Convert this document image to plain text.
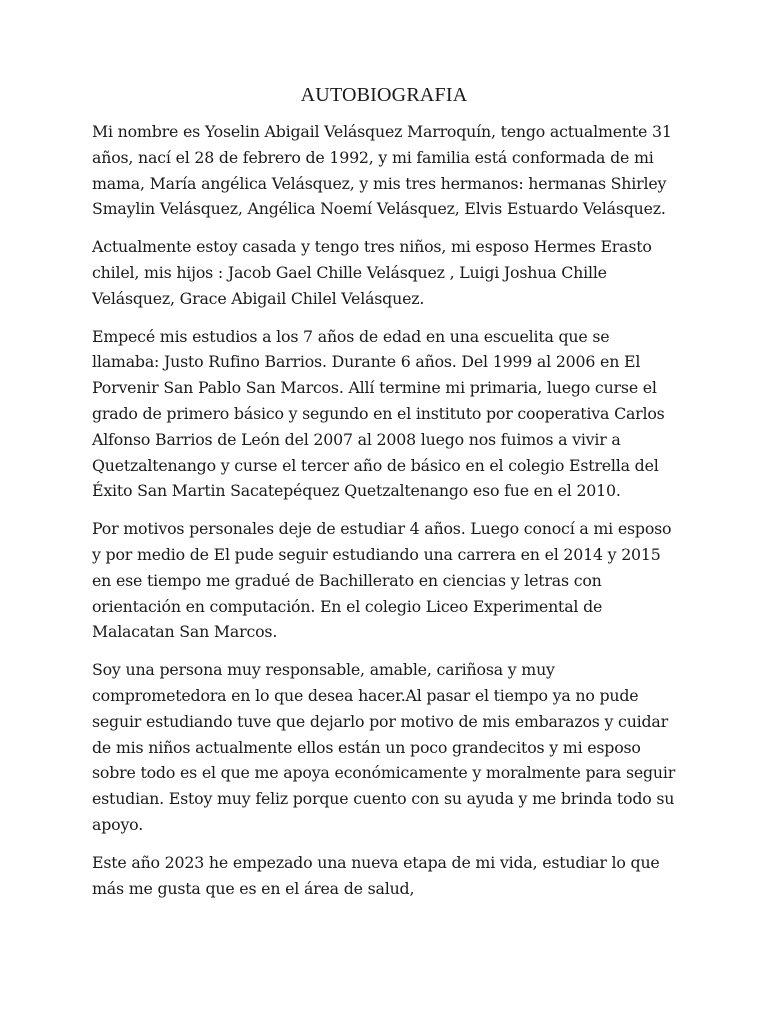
AUTOBIOGRAFIA

Mi nombre es Yoselin Abigail Velásquez Marroquín, tengo actualmente 31 años, nací el 28 de febrero de 1992, y mi familia está conformada de mi mama, María angélica Velásquez, y mis tres hermanos: hermanas Shirley Smaylin Velásquez, Angélica Noemí Velásquez, Elvis Estuardo Velásquez.

Actualmente estoy casada y tengo tres niños, mi esposo Hermes Erasto chilel, mis hijos : Jacob Gael Chille Velásquez , Luigi Joshua Chille Velásquez, Grace Abigail Chilel Velásquez.

Empecé mis estudios a los 7 años de edad en una escuelita que se llamaba: Justo Rufino Barrios. Durante 6 años. Del 1999 al 2006 en El Porvenir San Pablo San Marcos. Allí termine mi primaria, luego curse el grado de primero básico y segundo en el instituto por cooperativa Carlos Alfonso Barrios de León del 2007 al 2008 luego nos fuimos a vivir a Quetzaltenango y curse el tercer año de básico en el colegio Estrella del Éxito San Martin Sacatepéquez Quetzaltenango eso fue en el 2010.

Por motivos personales deje de estudiar 4 años. Luego conocí a mi esposo y por medio de El pude seguir estudiando una carrera en el 2014 y 2015 en ese tiempo me gradué de Bachillerato en ciencias y letras con orientación en computación. En el colegio Liceo Experimental de Malacatan San Marcos.

Soy una persona muy responsable, amable, cariñosa y muy comprometedora en lo que desea hacer.Al pasar el tiempo ya no pude seguir estudiando tuve que dejarlo por motivo de mis embarazos y cuidar de mis niños actualmente ellos están un poco grandecitos y mi esposo sobre todo es el que me apoya económicamente y moralmente para seguir estudian. Estoy muy feliz porque cuento con su ayuda y me brinda todo su apoyo.

Este año 2023 he empezado una nueva etapa de mi vida, estudiar lo que más me gusta que es en el área de salud,
